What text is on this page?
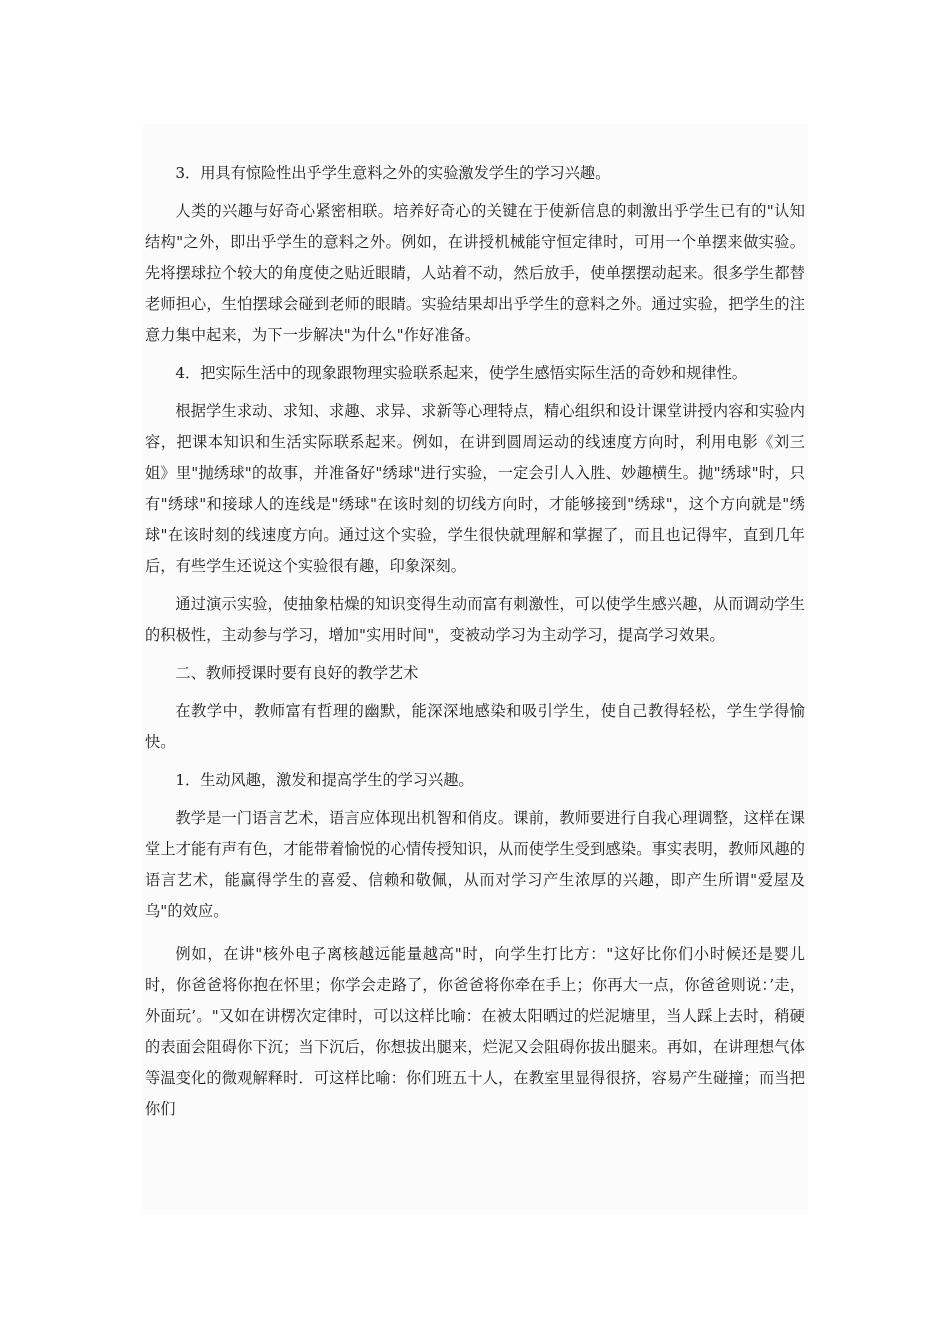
3．用具有惊险性出乎学生意料之外的实验激发学生的学习兴趣。

人类的兴趣与好奇心紧密相联。培养好奇心的关键在于使新信息的刺激出乎学生已有的"认知结构"之外，即出乎学生的意料之外。例如，在讲授机械能守恒定律时，可用一个单摆来做实验。先将摆球拉个较大的角度使之贴近眼睛，人站着不动，然后放手，使单摆摆动起来。很多学生都替老师担心，生怕摆球会碰到老师的眼睛。实验结果却出乎学生的意料之外。通过实验，把学生的注意力集中起来，为下一步解决"为什么"作好准备。

4．把实际生活中的现象跟物理实验联系起来，使学生感悟实际生活的奇妙和规律性。

根据学生求动、求知、求趣、求异、求新等心理特点，精心组织和设计课堂讲授内容和实验内容，把课本知识和生活实际联系起来。例如，在讲到圆周运动的线速度方向时，利用电影《刘三姐》里"抛绣球"的故事，并准备好"绣球"进行实验，一定会引人入胜、妙趣横生。抛"绣球"时，只有"绣球"和接球人的连线是"绣球"在该时刻的切线方向时，才能够接到"绣球"，这个方向就是"绣球"在该时刻的线速度方向。通过这个实验，学生很快就理解和掌握了，而且也记得牢，直到几年后，有些学生还说这个实验很有趣，印象深刻。

通过演示实验，使抽象枯燥的知识变得生动而富有刺激性，可以使学生感兴趣，从而调动学生的积极性，主动参与学习，增加"实用时间"，变被动学习为主动学习，提高学习效果。

二、教师授课时要有良好的教学艺术

在教学中，教师富有哲理的幽默，能深深地感染和吸引学生，使自己教得轻松，学生学得愉快。

1．生动风趣，激发和提高学生的学习兴趣。

教学是一门语言艺术，语言应体现出机智和俏皮。课前，教师要进行自我心理调整，这样在课堂上才能有声有色，才能带着愉悦的心情传授知识，从而使学生受到感染。事实表明，教师风趣的语言艺术，能赢得学生的喜爱、信赖和敬佩，从而对学习产生浓厚的兴趣，即产生所谓"爱屋及乌"的效应。

例如，在讲"核外电子离核越远能量越高"时，向学生打比方："这好比你们小时候还是婴儿时，你爸爸将你抱在怀里；你学会走路了，你爸爸将你牵在手上；你再大一点，你爸爸则说：’走，外面玩’。"又如在讲楞次定律时，可以这样比喻：在被太阳晒过的烂泥塘里，当人踩上去时，稍硬的表面会阻碍你下沉；当下沉后，你想拔出腿来，烂泥又会阻碍你拔出腿来。再如，在讲理想气体等温变化的微观解释时．可这样比喻：你们班五十人，在教室里显得很挤，容易产生碰撞；而当把你们
